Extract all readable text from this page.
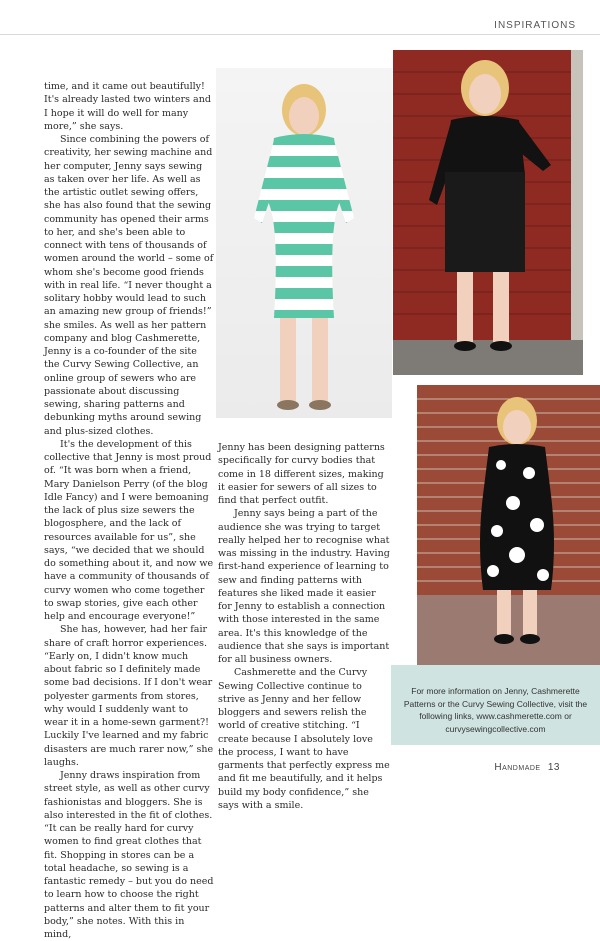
INSPIRATIONS

time, and it came out beautifully! It's already lasted two winters and I hope it will do well for many more,” she says.

Since combining the powers of creativity, her sewing machine and her computer, Jenny says sewing as taken over her life. As well as the artistic outlet sewing offers, she has also found that the sewing community has opened their arms to her, and she's been able to connect with tens of thousands of women around the world – some of whom she's become good friends with in real life. “I never thought a solitary hobby would lead to such an amazing new group of friends!” she smiles. As well as her pattern company and blog Cashmerette, Jenny is a co-founder of the site the Curvy Sewing Collective, an online group of sewers who are passionate about discussing sewing, sharing patterns and debunking myths around sewing and plus-sized clothes.

It's the development of this collective that Jenny is most proud of. “It was born when a friend, Mary Danielson Perry (of the blog Idle Fancy) and I were bemoaning the lack of plus size sewers the blogosphere, and the lack of resources available for us”, she says, “we decided that we should do something about it, and now we have a community of thousands of curvy women who come together to swap stories, give each other help and encourage everyone!”

She has, however, had her fair share of craft horror experiences. “Early on, I didn't know much about fabric so I definitely made some bad decisions. If I don't wear polyester garments from stores, why would I suddenly want to wear it in a home-sewn garment?! Luckily I've learned and my fabric disasters are much rarer now,” she laughs.

Jenny draws inspiration from street style, as well as other curvy fashionistas and bloggers. She is also interested in the fit of clothes. “It can be really hard for curvy women to find great clothes that fit. Shopping in stores can be a total headache, so sewing is a fantastic remedy – but you do need to learn how to choose the right patterns and alter them to fit your body,” she notes. With this in mind,

Jenny has been designing patterns specifically for curvy bodies that come in 18 different sizes, making it easier for sewers of all sizes to find that perfect outfit.

Jenny says being a part of the audience she was trying to target really helped her to recognise what was missing in the industry. Having first-hand experience of learning to sew and finding patterns with features she liked made it easier for Jenny to establish a connection with those interested in the same area. It's this knowledge of the audience that she says is important for all business owners.

Cashmerette and the Curvy Sewing Collective continue to strive as Jenny and her fellow bloggers and sewers relish the world of creative stitching. “I create because I absolutely love the process, I want to have garments that perfectly express me and fit me beautifully, and it helps build my body confidence,” she says with a smile.

For more information on Jenny, Cashmerette Patterns or the Curvy Sewing Collective, visit the following links, www.cashmerette.com or curvysewingcollective.com
Handmade 13
